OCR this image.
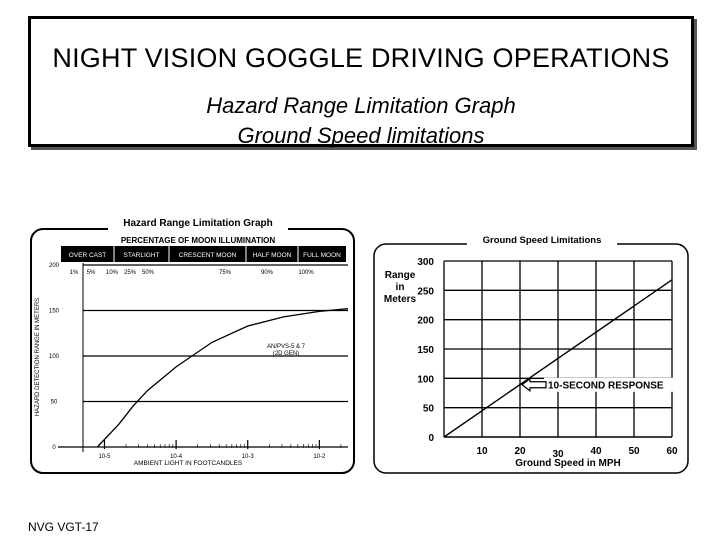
NIGHT VISION GOGGLE DRIVING OPERATIONS
Hazard Range Limitation Graph
Ground Speed limitations
Hazard Range Limitation Graph
PERCENTAGE OF MOON ILLUMINATION
OVER CAST	STARLIGHT	CRESCENT MOON	HALF MOON FULL MOON
1% 5% 10% 25% 50%	75%	90%	100%
0
50
100
150
200
10-5	10-4	10-3	10-2
AN/PVS-5 & 7
(2D GEN)
HAZARD DETECTION RANGE IN METERS
AMBIENT LIGHT IN FOOTCANDLES
Ground Speed Limitations
Range
in
Meters
0
50
100
150
200
250
300
10	20	30	40	50	60
10-SECOND RESPONSE
Ground Speed in MPH
NVG VGT-17
